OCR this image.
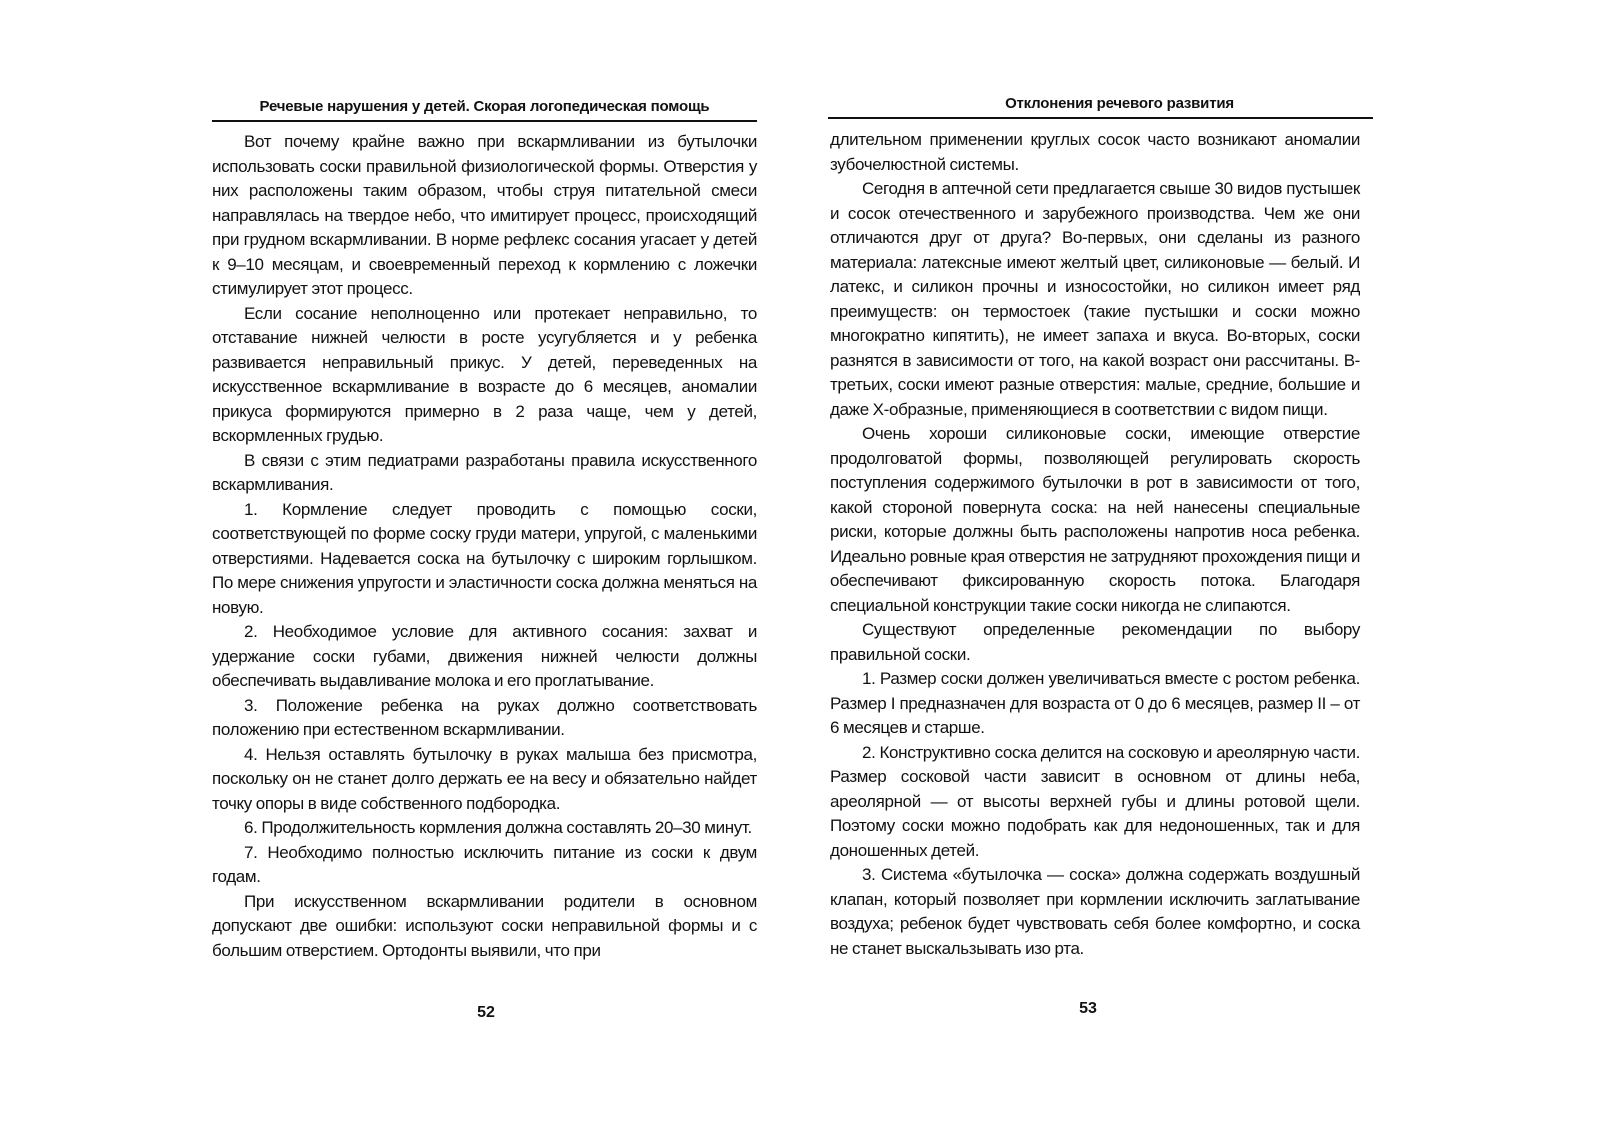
Речевые нарушения у детей. Скорая логопедическая помощь

Вот почему крайне важно при вскармливании из бутылочки использовать соски правильной физиологической формы. Отверстия у них расположены таким образом, чтобы струя питательной смеси направлялась на твердое небо, что имитирует процесс, происходящий при грудном вскармливании. В норме рефлекс сосания угасает у детей к 9–10 месяцам, и своевременный переход к кормлению с ложечки стимулирует этот процесс.

Если сосание неполноценно или протекает неправильно, то отставание нижней челюсти в росте усугубляется и у ребенка развивается неправильный прикус. У детей, переведенных на искусственное вскармливание в возрасте до 6 месяцев, аномалии прикуса формируются примерно в 2 раза чаще, чем у детей, вскормленных грудью.

В связи с этим педиатрами разработаны правила искусственного вскармливания.

1. Кормление следует проводить с помощью соски, соответствующей по форме соску груди матери, упругой, с маленькими отверстиями. Надевается соска на бутылочку с широким горлышком. По мере снижения упругости и эластичности соска должна меняться на новую.

2. Необходимое условие для активного сосания: захват и удержание соски губами, движения нижней челюсти должны обеспечивать выдавливание молока и его проглатывание.

3. Положение ребенка на руках должно соответствовать положению при естественном вскармливании.

4. Нельзя оставлять бутылочку в руках малыша без присмотра, поскольку он не станет долго держать ее на весу и обязательно найдет точку опоры в виде собственного подбородка.

6. Продолжительность кормления должна составлять 20–30 минут.

7. Необходимо полностью исключить питание из соски к двум годам.

При искусственном вскармливании родители в основном допускают две ошибки: используют соски неправильной формы и с большим отверстием. Ортодонты выявили, что при

52
Отклонения речевого развития

длительном применении круглых сосок часто возникают аномалии зубочелюстной системы.

Сегодня в аптечной сети предлагается свыше 30 видов пустышек и сосок отечественного и зарубежного производства. Чем же они отличаются друг от друга? Во-первых, они сделаны из разного материала: латексные имеют желтый цвет, силиконовые — белый. И латекс, и силикон прочны и износостойки, но силикон имеет ряд преимуществ: он термостоек (такие пустышки и соски можно многократно кипятить), не имеет запаха и вкуса. Во-вторых, соски разнятся в зависимости от того, на какой возраст они рассчитаны. В-третьих, соски имеют разные отверстия: малые, средние, большие и даже Х-образные, применяющиеся в соответствии с видом пищи.

Очень хороши силиконовые соски, имеющие отверстие продолговатой формы, позволяющей регулировать скорость поступления содержимого бутылочки в рот в зависимости от того, какой стороной повернута соска: на ней нанесены специальные риски, которые должны быть расположены напротив носа ребенка. Идеально ровные края отверстия не затрудняют прохождения пищи и обеспечивают фиксированную скорость потока. Благодаря специальной конструкции такие соски никогда не слипаются.

Существуют определенные рекомендации по выбору правильной соски.

1. Размер соски должен увеличиваться вместе с ростом ребенка. Размер I предназначен для возраста от 0 до 6 месяцев, размер II – от 6 месяцев и старше.

2. Конструктивно соска делится на сосковую и ареолярную части. Размер сосковой части зависит в основном от длины неба, ареолярной — от высоты верхней губы и длины ротовой щели. Поэтому соски можно подобрать как для недоношенных, так и для доношенных детей.

3. Система «бутылочка — соска» должна содержать воздушный клапан, который позволяет при кормлении исключить заглатывание воздуха; ребенок будет чувствовать себя более комфортно, и соска не станет выскальзывать изо рта.

53
